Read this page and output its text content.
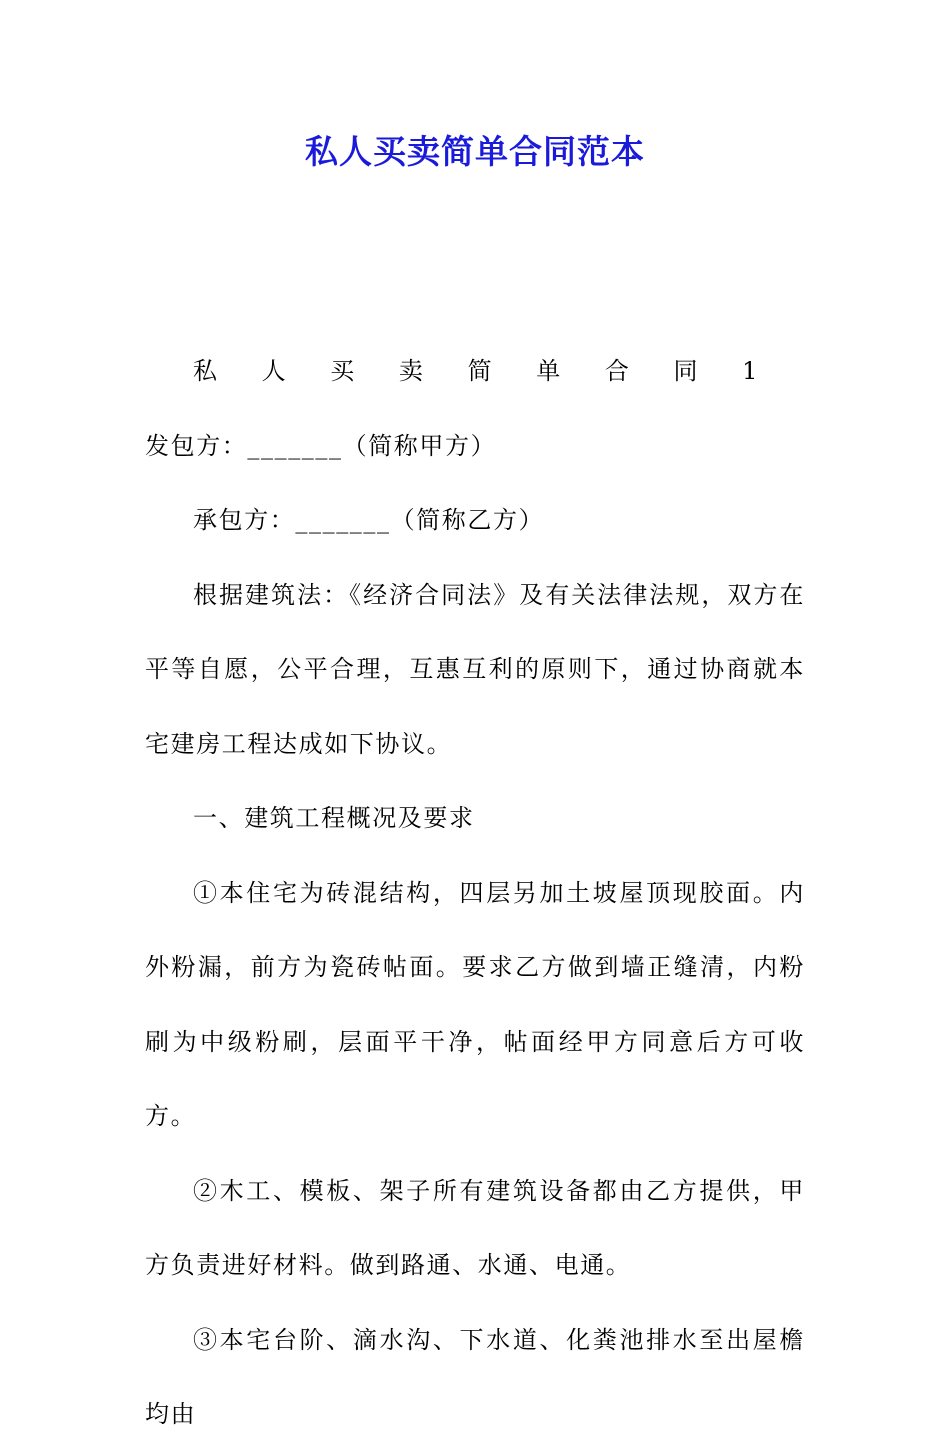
私人买卖简单合同范本

私人买卖简单合同1发包方：_______（简称甲方）

承包方：_______（简称乙方）

根据建筑法：《经济合同法》及有关法律法规，双方在平等自愿，公平合理，互惠互利的原则下，通过协商就本宅建房工程达成如下协议。

一、建筑工程概况及要求

①本住宅为砖混结构，四层另加土坡屋顶现胶面。内外粉漏，前方为瓷砖帖面。要求乙方做到墙正缝清，内粉刷为中级粉刷，层面平干净，帖面经甲方同意后方可收方。

②木工、模板、架子所有建筑设备都由乙方提供，甲方负责进好材料。做到路通、水通、电通。

③本宅台阶、滴水沟、下水道、化粪池排水至出屋檐均由
